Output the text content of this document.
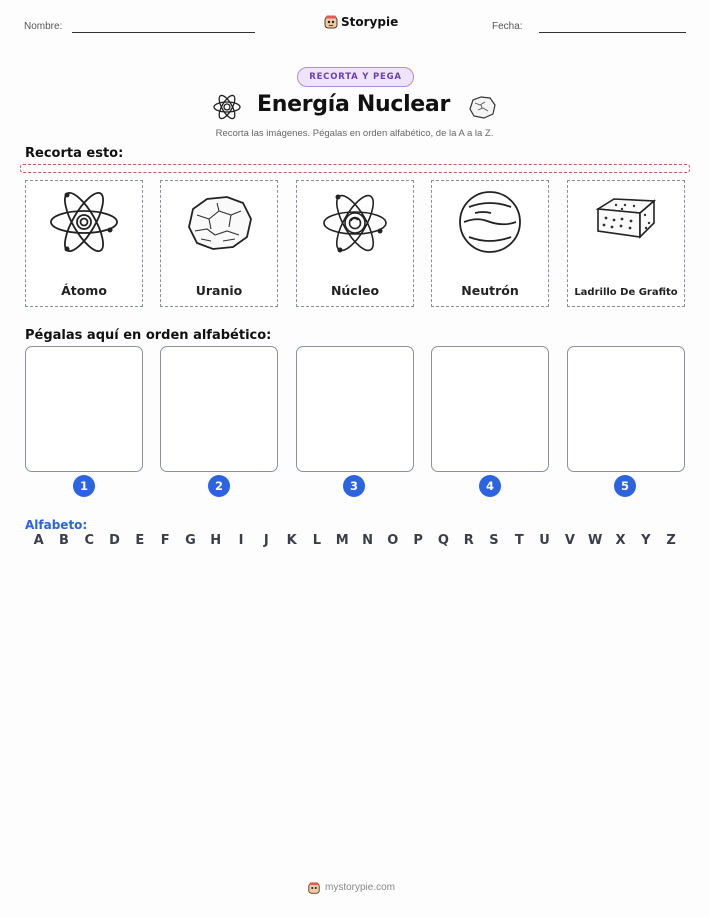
Nombre:	Storypie	Fecha:
RECORTA Y PEGA
Energía Nuclear
Recorta las imágenes. Pégalas en orden alfabético, de la A a la Z.
Recorta esto:
Átomo	Uranio	Núcleo	Neutrón	Ladrillo De Grafito
Pégalas aquí en orden alfabético:
1	2	3	4	5
Alfabeto:
A	B	C	D	E	F	G	H	I	J	K	L	M	N	O	P	Q	R	S	T	U	V	W	X	Y	Z
mystorypie.com
